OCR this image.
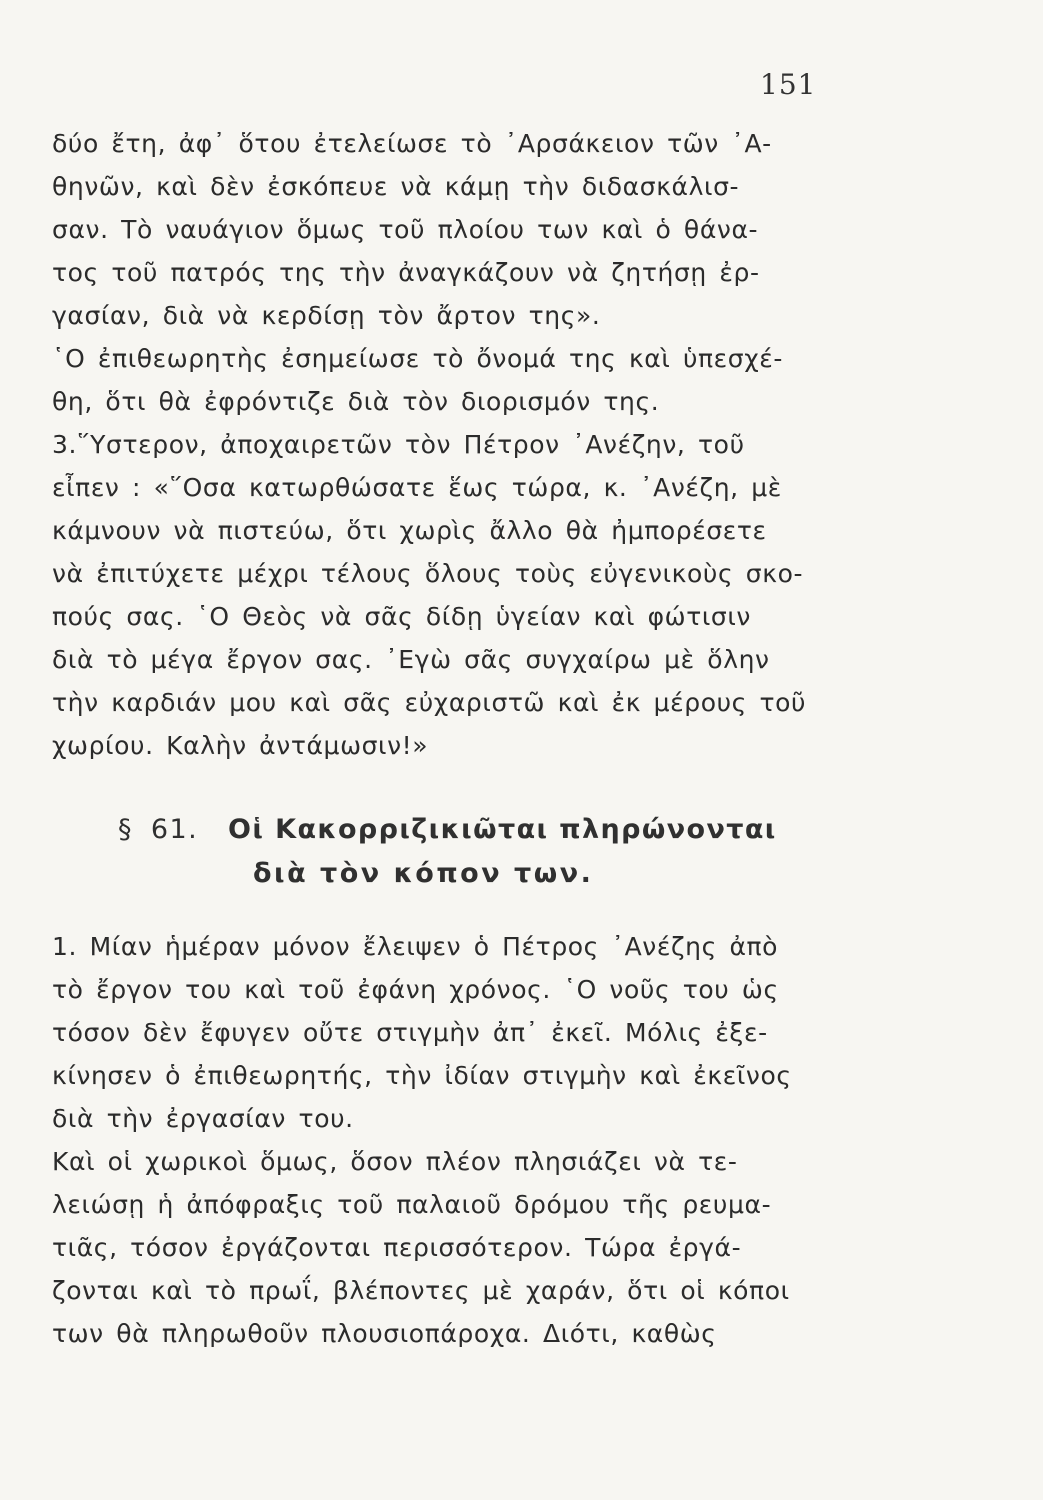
151
δύο ἔτη, ἀφ᾽ ὅτου ἐτελείωσε τὸ ᾽Αρσάκειον τῶν ᾽Α-
θηνῶν, καὶ δὲν ἐσκόπευε νὰ κάμῃ τὴν διδασκάλισ-
σαν. Τὸ ναυάγιον ὅμως τοῦ πλοίου των καὶ ὁ θάνα-
τος τοῦ πατρός της τὴν ἀναγκάζουν νὰ ζητήσῃ ἐρ-
γασίαν, διὰ νὰ κερδίσῃ τὸν ἄρτον της».
῾Ο ἐπιθεωρητὴς ἐσημείωσε τὸ ὄνομά της καὶ ὑπεσχέ-
θη, ὅτι θὰ ἐφρόντιζε διὰ τὸν διορισμόν της.
3.῞Υστερον, ἀποχαιρετῶν τὸν Πέτρον ᾽Ανέζην, τοῦ
εἶπεν : «῞Οσα κατωρθώσατε ἕως τώρα, κ. ᾽Ανέζη, μὲ
κάμνουν νὰ πιστεύω, ὅτι χωρὶς ἄλλο θὰ ἠμπορέσετε
νὰ ἐπιτύχετε μέχρι τέλους ὅλους τοὺς εὐγενικοὺς σκο-
πούς σας. ῾Ο Θεὸς νὰ σᾶς δίδῃ ὑγείαν καὶ φώτισιν
διὰ τὸ μέγα ἔργον σας. ᾽Εγὼ σᾶς συγχαίρω μὲ ὅλην
τὴν καρδιάν μου καὶ σᾶς εὐχαριστῶ καὶ ἐκ μέρους τοῦ
χωρίου. Καλὴν ἀντάμωσιν!»
§ 61. Οἱ Κακορριζικιῶται πληρώνονται
διὰ τὸν κόπον των.
1. Μίαν ἡμέραν μόνον ἔλειψεν ὁ Πέτρος ᾽Ανέζης ἀπὸ
τὸ ἔργον του καὶ τοῦ ἐφάνη χρόνος. ῾Ο νοῦς του ὡς
τόσον δὲν ἔφυγεν οὔτε στιγμὴν ἀπ᾽ ἐκεῖ. Μόλις ἐξε-
κίνησεν ὁ ἐπιθεωρητής, τὴν ἰδίαν στιγμὴν καὶ ἐκεῖνος
διὰ τὴν ἐργασίαν του.
Καὶ οἱ χωρικοὶ ὅμως, ὅσον πλέον πλησιάζει νὰ τε-
λειώσῃ ἡ ἀπόφραξις τοῦ παλαιοῦ δρόμου τῆς ρευμα-
τιᾶς, τόσον ἐργάζονται περισσότερον. Τώρα ἐργά-
ζονται καὶ τὸ πρωΐ, βλέποντες μὲ χαράν, ὅτι οἱ κόποι
των θὰ πληρωθοῦν πλουσιοπάροχα. Διότι, καθὼς
